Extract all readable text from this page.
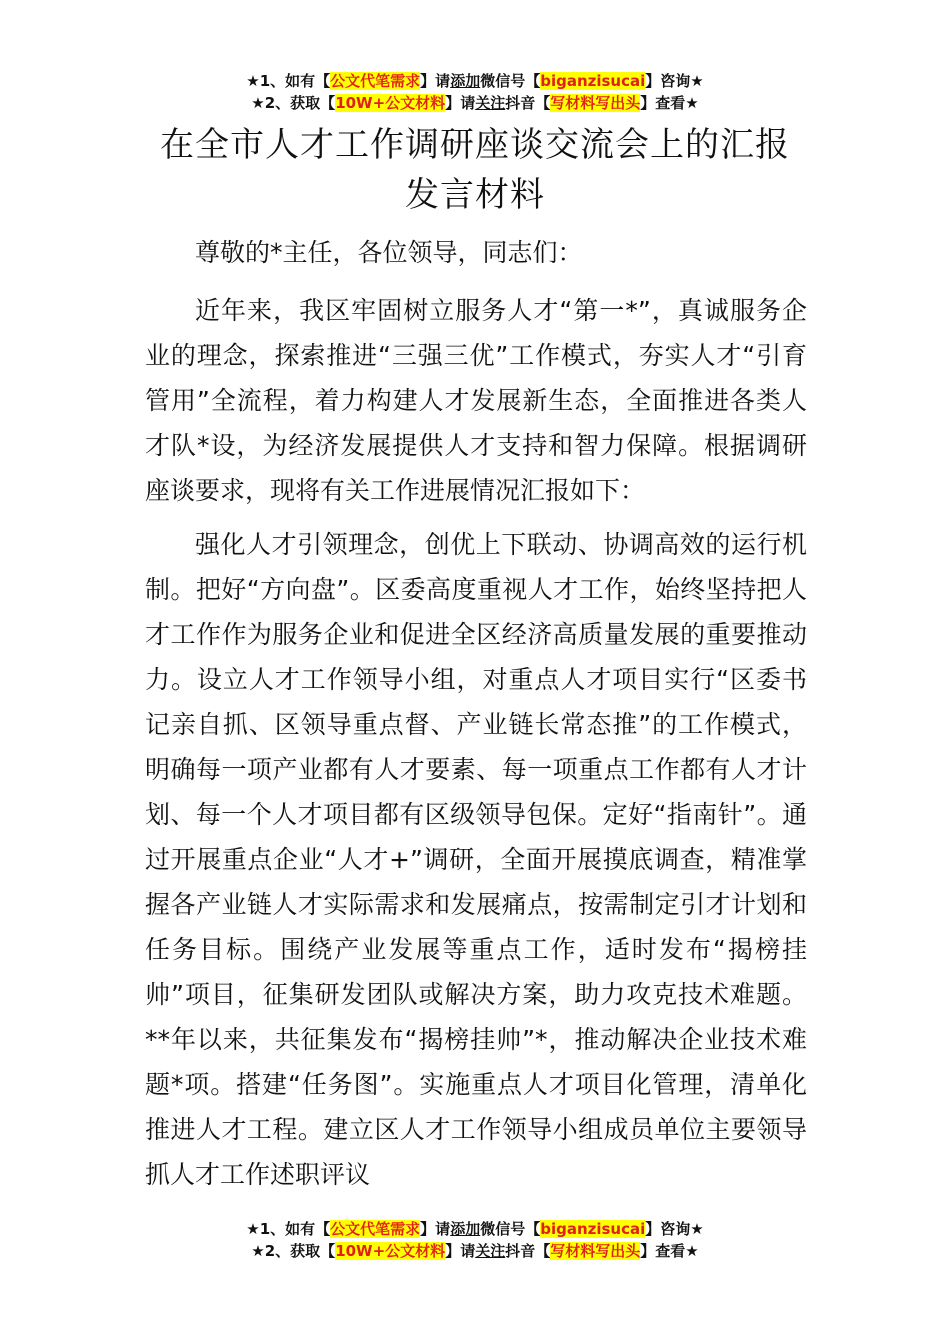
★1、如有【公文代笔需求】请添加微信号【biganzisucai】咨询★
★2、获取【10W+公文材料】请关注抖音【写材料写出头】查看★
在全市人才工作调研座谈交流会上的汇报发言材料

尊敬的*主任，各位领导，同志们：

近年来，我区牢固树立服务人才“第一*”，真诚服务企业的理念，探索推进“三强三优”工作模式，夯实人才“引育管用”全流程，着力构建人才发展新生态，全面推进各类人才队*设，为经济发展提供人才支持和智力保障。根据调研座谈要求，现将有关工作进展情况汇报如下：

强化人才引领理念，创优上下联动、协调高效的运行机制。把好“方向盘”。区委高度重视人才工作，始终坚持把人才工作作为服务企业和促进全区经济高质量发展的重要推动力。设立人才工作领导小组，对重点人才项目实行“区委书记亲自抓、区领导重点督、产业链长常态推”的工作模式，明确每一项产业都有人才要素、每一项重点工作都有人才计划、每一个人才项目都有区级领导包保。定好“指南针”。通过开展重点企业“人才+”调研，全面开展摸底调查，精准掌握各产业链人才实际需求和发展痛点，按需制定引才计划和任务目标。围绕产业发展等重点工作，适时发布“揭榜挂帅”项目，征集研发团队或解决方案，助力攻克技术难题。**年以来，共征集发布“揭榜挂帅”*，推动解决企业技术难题*项。搭建“任务图”。实施重点人才项目化管理，清单化推进人才工程。建立区人才工作领导小组成员单位主要领导抓人才工作述职评议

★1、如有【公文代笔需求】请添加微信号【biganzisucai】咨询★
★2、获取【10W+公文材料】请关注抖音【写材料写出头】查看★
